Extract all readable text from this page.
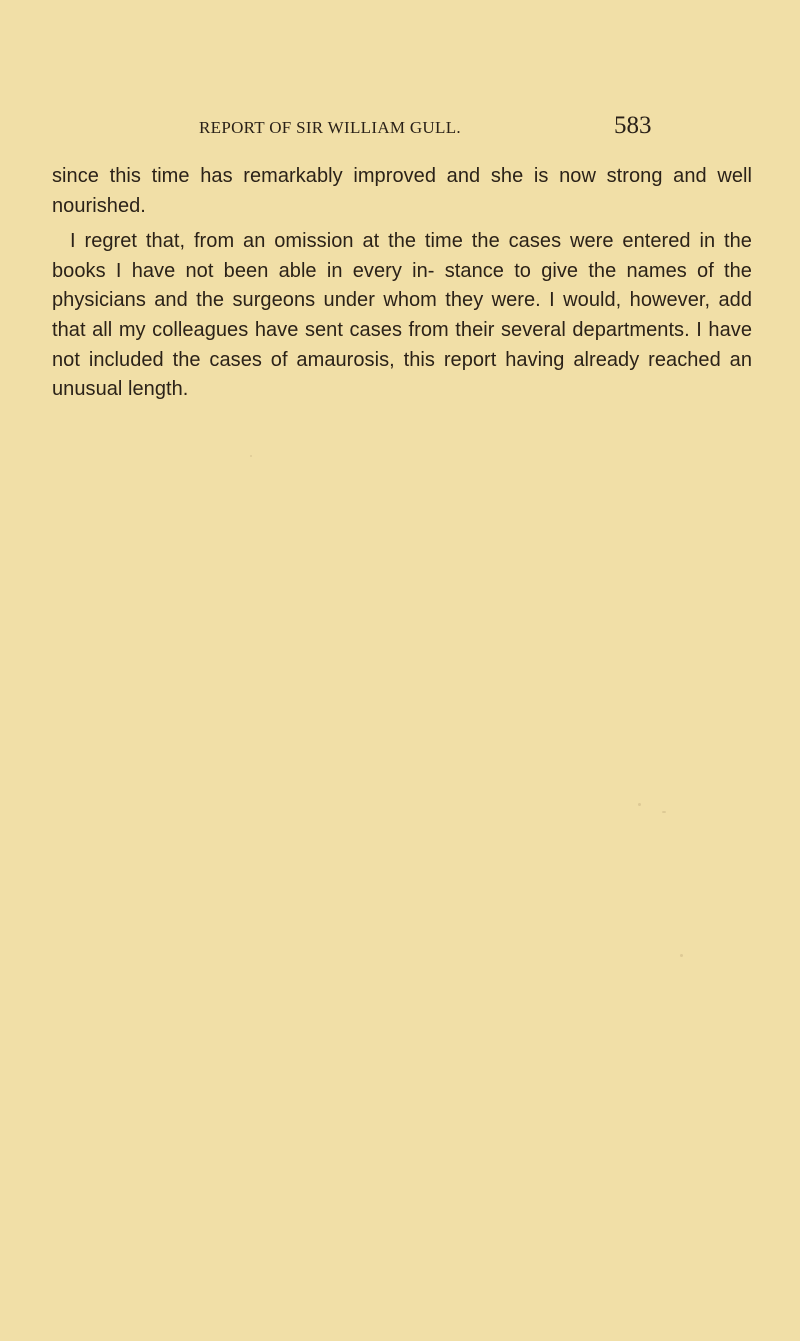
REPORT OF SIR WILLIAM GULL.	583

since this time has remarkably improved and she is now strong and well nourished.

I regret that, from an omission at the time the cases were entered in the books I have not been able in every in- stance to give the names of the physicians and the surgeons under whom they were. I would, however, add that all my colleagues have sent cases from their several departments. I have not included the cases of amaurosis, this report having already reached an unusual length.
